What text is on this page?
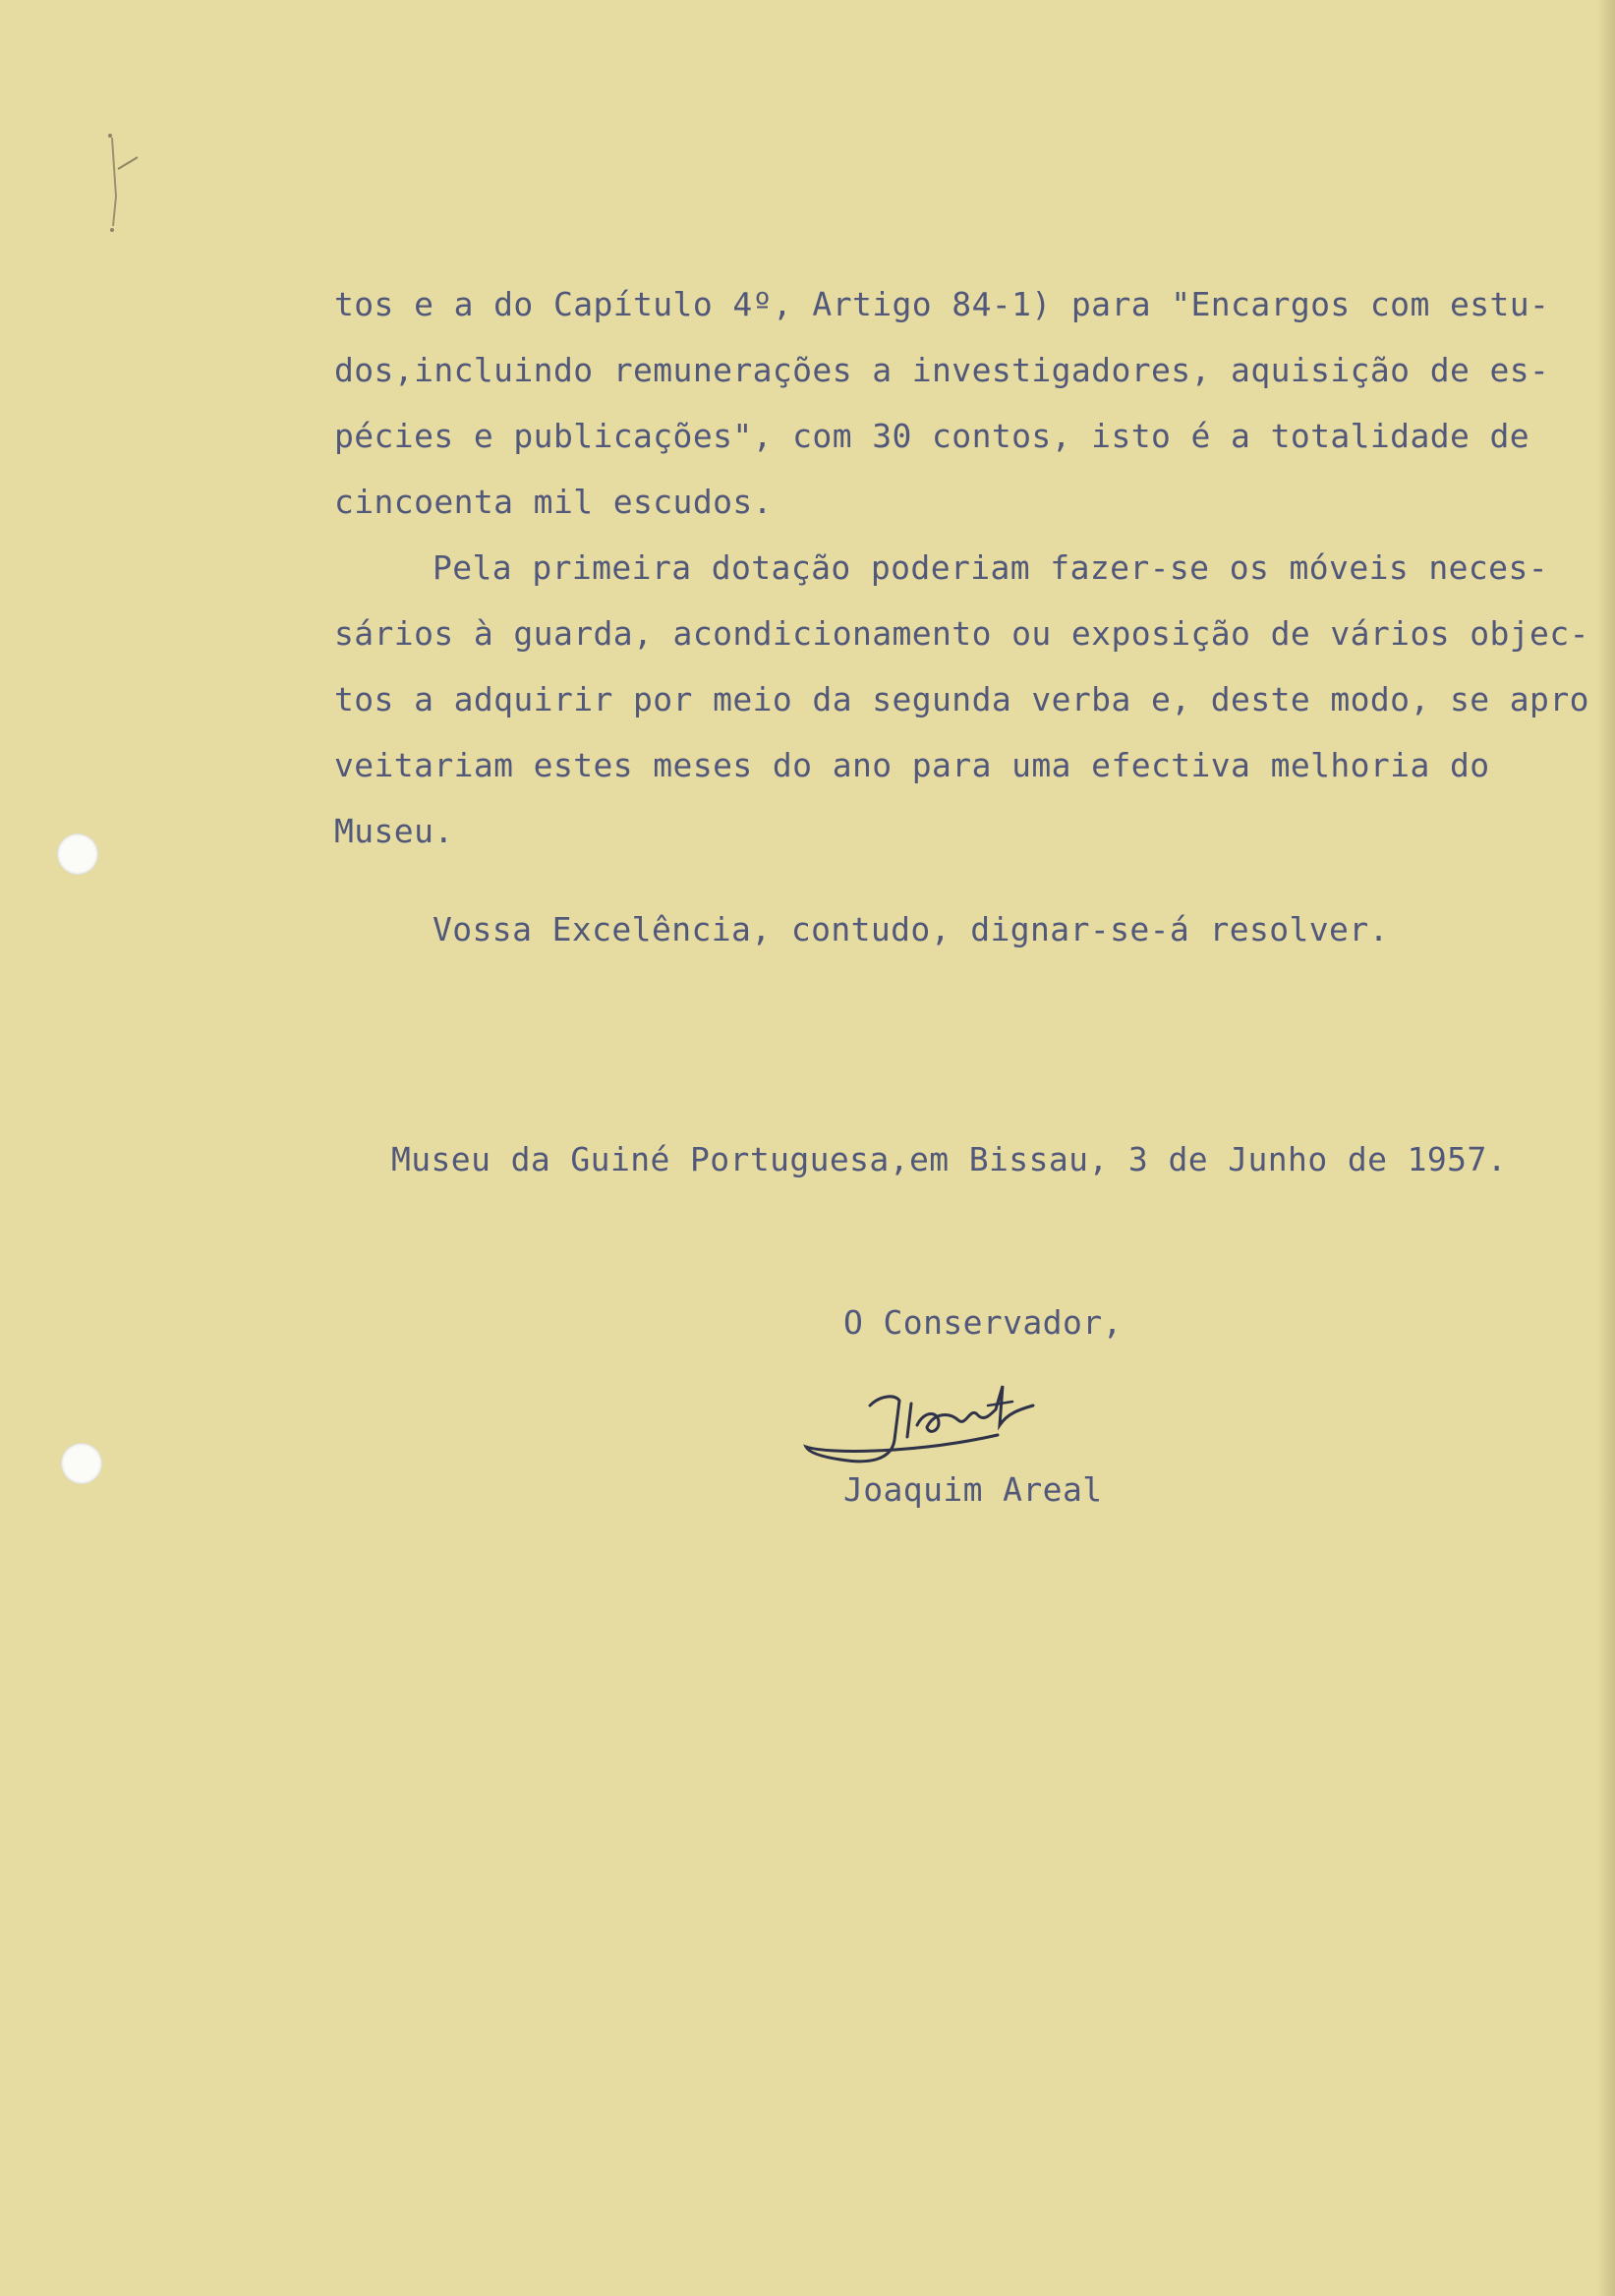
tos e a do Capítulo 4º, Artigo 84-1) para "Encargos com estu-

dos,incluindo remunerações a investigadores, aquisição de es-

pécies e publicações", com 30 contos, isto é a totalidade de

cincoenta mil escudos.

Pela primeira dotação poderiam fazer-se os móveis neces-

sários à guarda, acondicionamento ou exposição de vários objec-

tos a adquirir por meio da segunda verba e, deste modo, se apro

veitariam estes meses do ano para uma efectiva melhoria do

Museu.

Vossa Excelência, contudo, dignar-se-á resolver.

Museu da Guiné Portuguesa,em Bissau, 3 de Junho de 1957.

O Conservador,

Joaquim Areal
